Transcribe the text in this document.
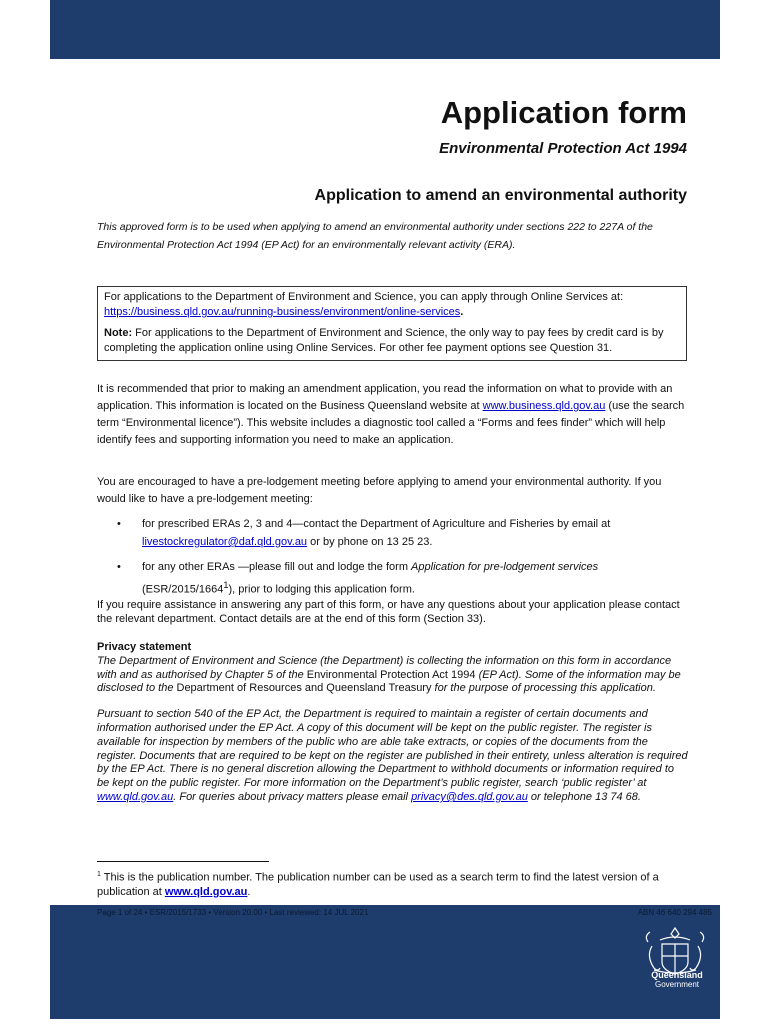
Application form
Environmental Protection Act 1994
Application to amend an environmental authority
This approved form is to be used when applying to amend an environmental authority under sections 222 to 227A of the Environmental Protection Act 1994 (EP Act) for an environmentally relevant activity (ERA).

For applications to the Department of Environment and Science, you can apply through Online Services at: https://business.qld.gov.au/running-business/environment/online-services.

Note: For applications to the Department of Environment and Science, the only way to pay fees by credit card is by completing the application online using Online Services. For other fee payment options see Question 31.

It is recommended that prior to making an amendment application, you read the information on what to provide with an application. This information is located on the Business Queensland website at www.business.qld.gov.au (use the search term “Environmental licence”). This website includes a diagnostic tool called a “Forms and fees finder” which will help identify fees and supporting information you need to make an application.
You are encouraged to have a pre-lodgement meeting before applying to amend your environmental authority. If you would like to have a pre-lodgement meeting:
• for prescribed ERAs 2, 3 and 4—contact the Department of Agriculture and Fisheries by email at livestockregulator@daf.qld.gov.au or by phone on 13 25 23.
• for any other ERAs —please fill out and lodge the form Application for pre-lodgement services (ESR/2015/1664$^1$), prior to lodging this application form.
If you require assistance in answering any part of this form, or have any questions about your application please contact the relevant department. Contact details are at the end of this form (Section 33).
Privacy statement

The Department of Environment and Science (the Department) is collecting the information on this form in accordance with and as authorised by Chapter 5 of the Environmental Protection Act 1994 (EP Act). Some of the information may be disclosed to the Department of Resources and Queensland Treasury for the purpose of processing this application.

Pursuant to section 540 of the EP Act, the Department is required to maintain a register of certain documents and information authorised under the EP Act. A copy of this document will be kept on the public register. The register is available for inspection by members of the public who are able take extracts, or copies of the documents from the register. Documents that are required to be kept on the register are published in their entirety, unless alteration is required by the EP Act. There is no general discretion allowing the Department to withhold documents or information required to be kept on the public register. For more information on the Department’s public register, search ‘public register’ at www.qld.gov.au. For queries about privacy matters please email privacy@des.qld.gov.au or telephone 13 74 68.

$^1$ This is the publication number. The publication number can be used as a search term to find the latest version of a publication at www.qld.gov.au.
Page 1 of 24 • ESR/2015/1733 • Version 20.00 • Last reviewed: 14 JUL 2021	ABN 46 640 294 485
Queensland
Government
